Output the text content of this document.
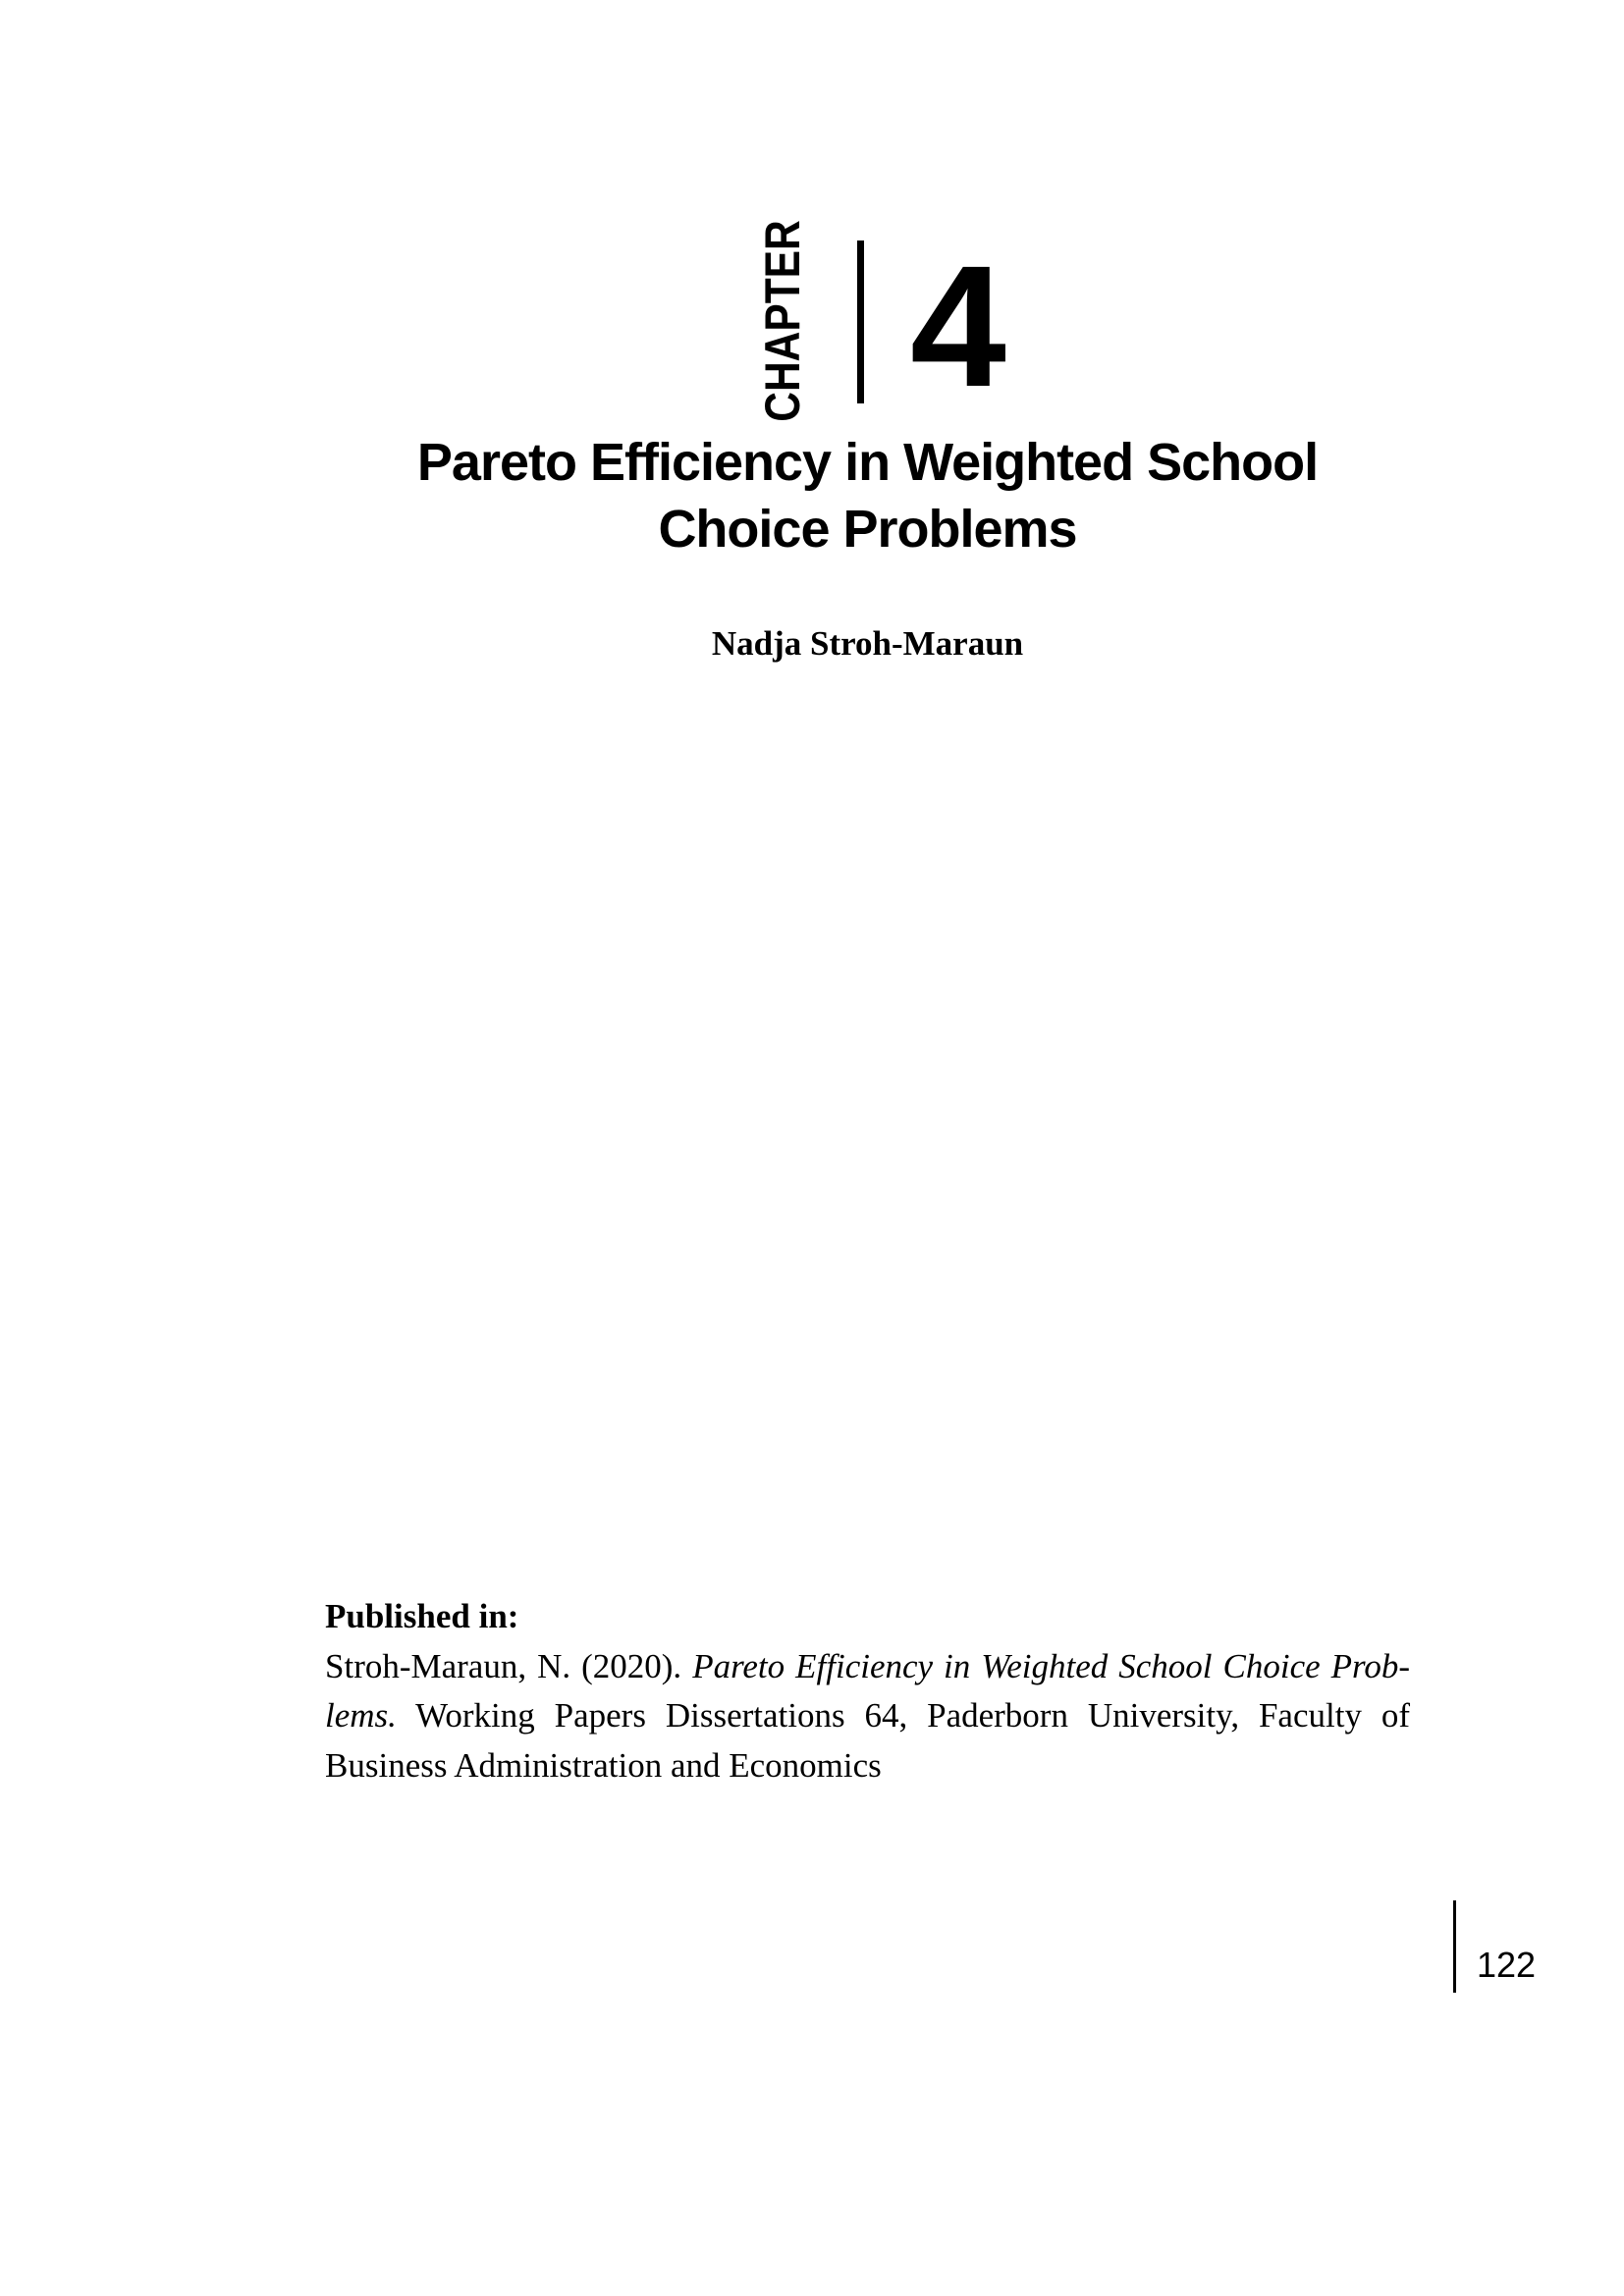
CHAPTER 4
Pareto Efficiency in Weighted School
Choice Problems
Nadja Stroh-Maraun
Published in:
Stroh-Maraun, N. (2020). Pareto Efficiency in Weighted School Choice Prob-
lems. Working Papers Dissertations 64, Paderborn University, Faculty of
Business Administration and Economics
122
